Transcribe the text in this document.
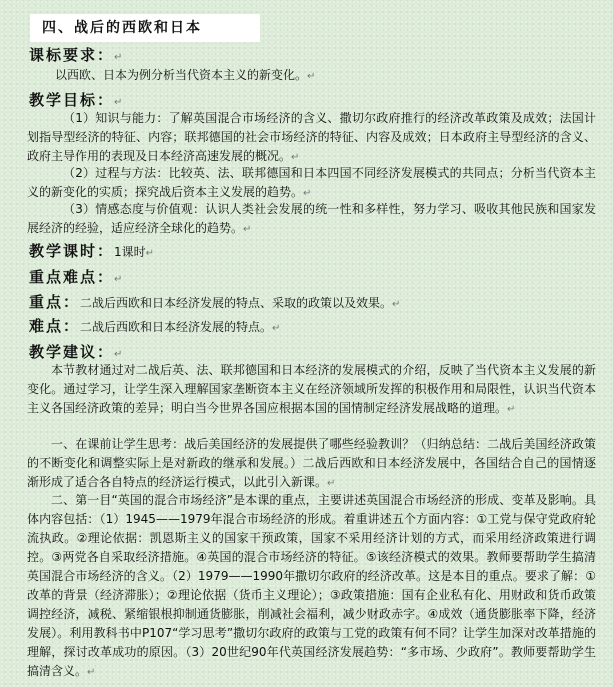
四、战后的西欧和日本
课标要求：↵
以西欧、日本为例分析当代资本主义的新变化。↵
教学目标：↵

（1）知识与能力：了解英国混合市场经济的含义、撒切尔政府推行的经济改革政策及成效；法国计划指导型经济的特征、内容；联邦德国的社会市场经济的特征、内容及成效；日本政府主导型经济的含义、政府主导作用的表现及日本经济高速发展的概况。↵

（2）过程与方法：比较英、法、联邦德国和日本四国不同经济发展模式的共同点；分析当代资本主义的新变化的实质；探究战后资本主义发展的趋势。↵

（3）情感态度与价值观：认识人类社会发展的统一性和多样性，努力学习、吸收其他民族和国家发展经济的经验，适应经济全球化的趋势。↵

教学课时：1课时↵
重点难点：↵
重点：二战后西欧和日本经济发展的特点、采取的政策以及效果。↵
难点：二战后西欧和日本经济发展的特点。↵
教学建议：↵

本节教材通过对二战后英、法、联邦德国和日本经济的发展模式的介绍，反映了当代资本主义发展的新变化。通过学习，让学生深入理解国家垄断资本主义在经济领域所发挥的积极作用和局限性，认识当代资本主义各国经济政策的差异；明白当今世界各国应根据本国的国情制定经济发展战略的道理。↵

一、在课前让学生思考：战后美国经济的发展提供了哪些经验教训？（归纳总结：二战后美国经济政策的不断变化和调整实际上是对新政的继承和发展。）二战后西欧和日本经济发展中，各国结合自己的国情逐渐形成了适合各自特点的经济运行模式，以此引入新课。↵

二、第一目“英国的混合市场经济”是本课的重点，主要讲述英国混合市场经济的形成、变革及影响。具体内容包括：（1）1945——1979年混合市场经济的形成。着重讲述五个方面内容：①工党与保守党政府轮流执政。②理论依据：凯恩斯主义的国家干预政策，国家不采用经济计划的方式，而采用经济政策进行调控。③两党各自采取经济措施。④英国的混合市场经济的特征。⑤该经济模式的效果。教师要帮助学生搞清英国混合市场经济的含义。（2）1979——1990年撒切尔政府的经济改革。这是本目的重点。要求了解：①改革的背景（经济滞胀）；②理论依据（货币主义理论）；③政策措施：国有企业私有化、用财政和货币政策调控经济，减税、紧缩银根抑制通货膨胀，削减社会福利，减少财政赤字。④成效（通货膨胀率下降，经济发展）。利用教科书中P107“学习思考”撒切尔政府的政策与工党的政策有何不同？让学生加深对改革措施的理解，探讨改革成功的原因。（3）20世纪90年代英国经济发展趋势：“多市场、少政府”。教师要帮助学生搞清含义。↵
